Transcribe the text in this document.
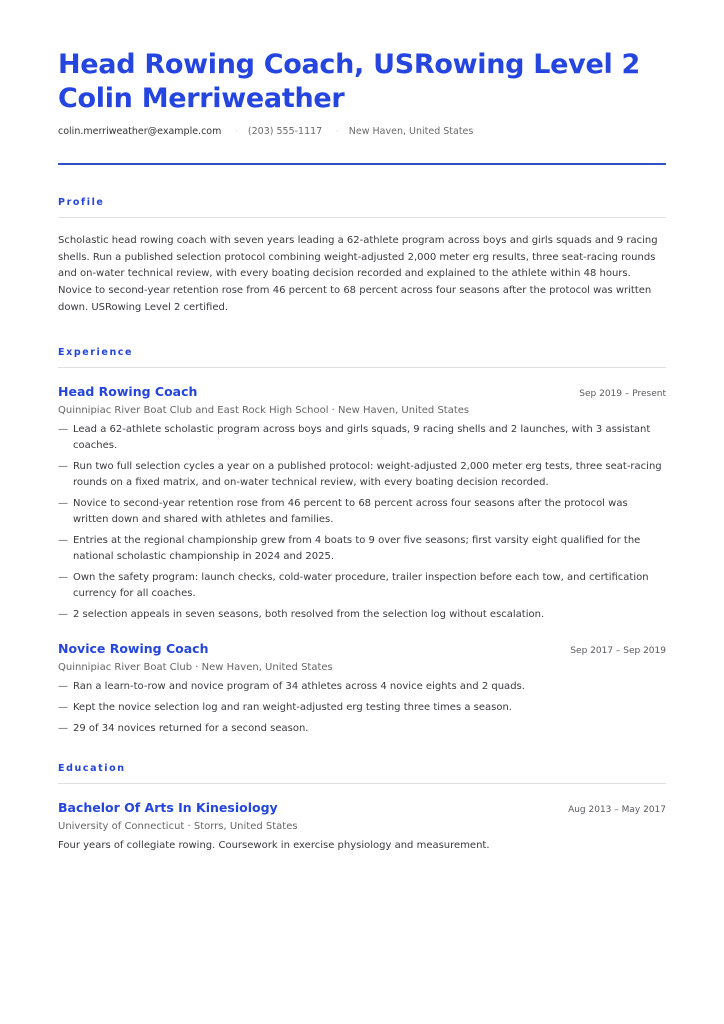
Head Rowing Coach, USRowing Level 2
Colin Merriweather
colin.merriweather@example.com · (203) 555-1117 · New Haven, United States
Profile

Scholastic head rowing coach with seven years leading a 62-athlete program across boys and girls squads and 9 racing shells. Run a published selection protocol combining weight-adjusted 2,000 meter erg results, three seat-racing rounds and on-water technical review, with every boating decision recorded and explained to the athlete within 48 hours. Novice to second-year retention rose from 46 percent to 68 percent across four seasons after the protocol was written down. USRowing Level 2 certified.

Experience
Head Rowing Coach	Sep 2019 – Present
Quinnipiac River Boat Club and East Rock High School · New Haven, United States
— Lead a 62-athlete scholastic program across boys and girls squads, 9 racing shells and 2 launches, with 3 assistant coaches.
— Run two full selection cycles a year on a published protocol: weight-adjusted 2,000 meter erg tests, three seat-racing rounds on a fixed matrix, and on-water technical review, with every boating decision recorded.
— Novice to second-year retention rose from 46 percent to 68 percent across four seasons after the protocol was written down and shared with athletes and families.
— Entries at the regional championship grew from 4 boats to 9 over five seasons; first varsity eight qualified for the national scholastic championship in 2024 and 2025.
— Own the safety program: launch checks, cold-water procedure, trailer inspection before each tow, and certification currency for all coaches.
— 2 selection appeals in seven seasons, both resolved from the selection log without escalation.
Novice Rowing Coach	Sep 2017 – Sep 2019
Quinnipiac River Boat Club · New Haven, United States
— Ran a learn-to-row and novice program of 34 athletes across 4 novice eights and 2 quads.
— Kept the novice selection log and ran weight-adjusted erg testing three times a season.
— 29 of 34 novices returned for a second season.
Education
Bachelor Of Arts In Kinesiology	Aug 2013 – May 2017
University of Connecticut · Storrs, United States
Four years of collegiate rowing. Coursework in exercise physiology and measurement.
